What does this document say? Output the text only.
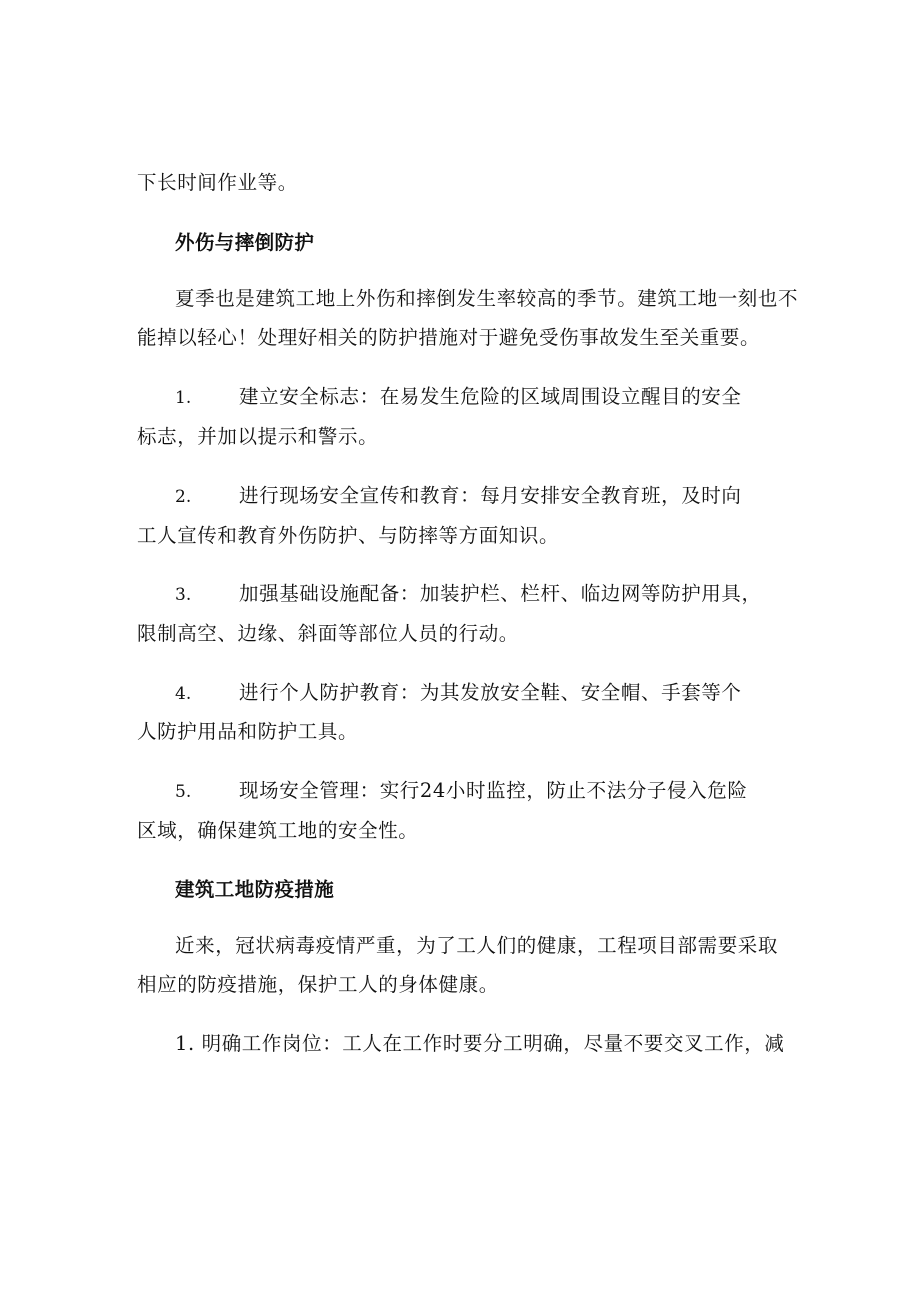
下长时间作业等。
外伤与摔倒防护
夏季也是建筑工地上外伤和摔倒发生率较高的季节。建筑工地一刻也不
能掉以轻心！处理好相关的防护措施对于避免受伤事故发生至关重要。
1. 建立安全标志：在易发生危险的区域周围设立醒目的安全
标志，并加以提示和警示。
2. 进行现场安全宣传和教育：每月安排安全教育班，及时向
工人宣传和教育外伤防护、与防摔等方面知识。
3. 加强基础设施配备：加装护栏、栏杆、临边网等防护用具，
限制高空、边缘、斜面等部位人员的行动。
4. 进行个人防护教育：为其发放安全鞋、安全帽、手套等个
人防护用品和防护工具。
5. 现场安全管理：实行24小时监控，防止不法分子侵入危险
区域，确保建筑工地的安全性。
建筑工地防疫措施
近来，冠状病毒疫情严重，为了工人们的健康，工程项目部需要采取
相应的防疫措施，保护工人的身体健康。
1. 明确工作岗位：工人在工作时要分工明确，尽量不要交叉工作，减
